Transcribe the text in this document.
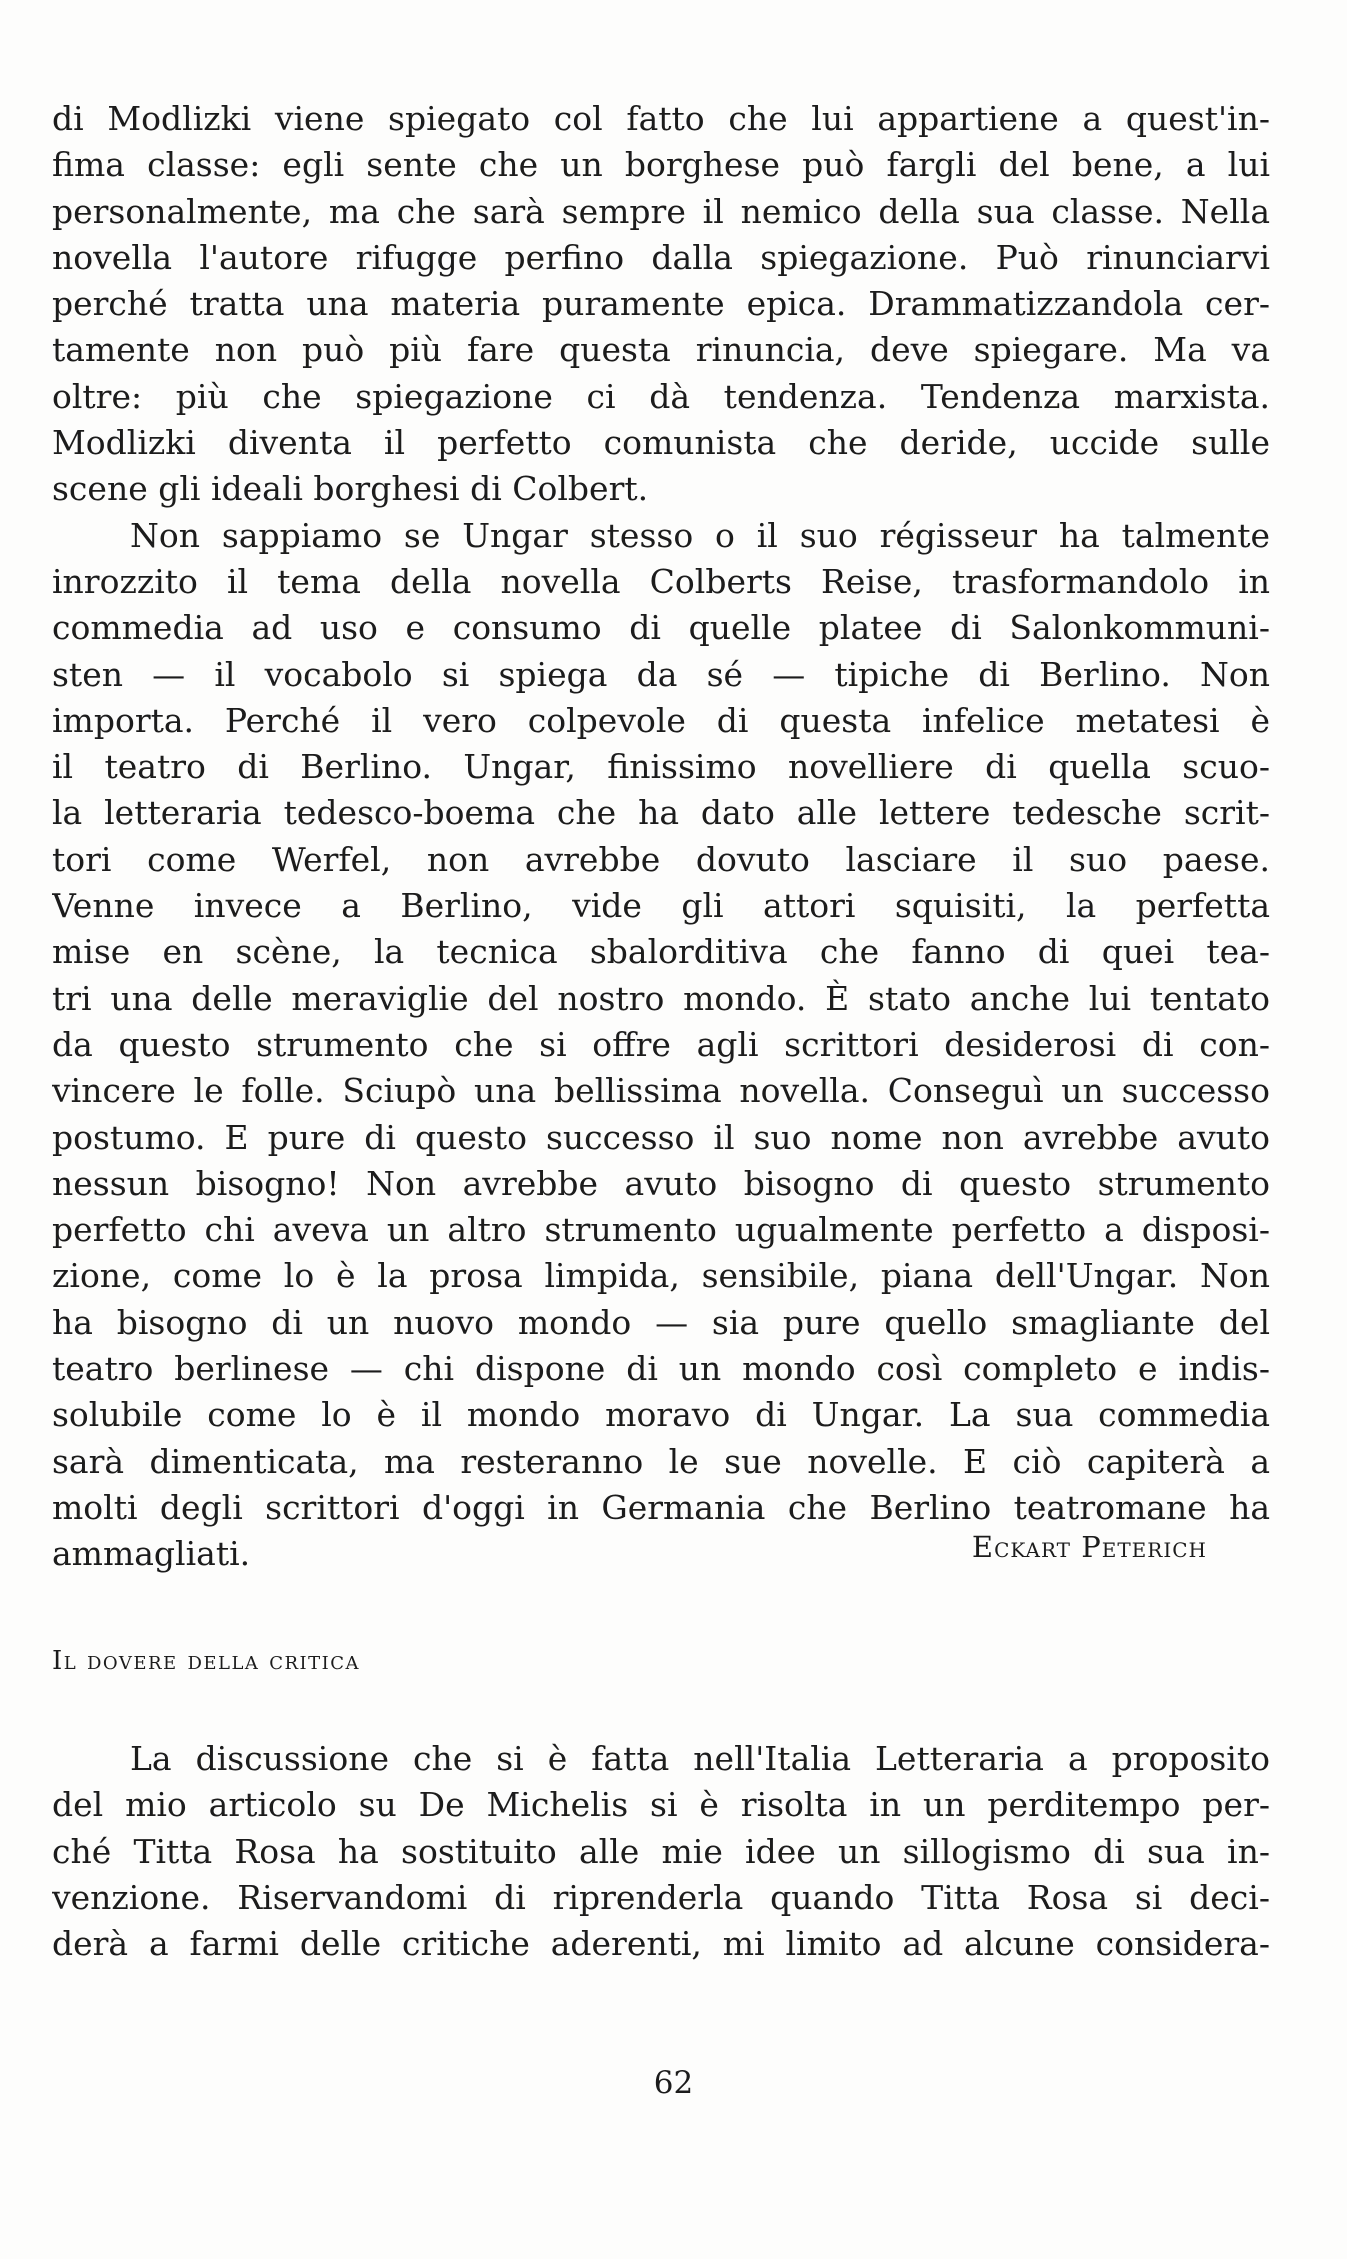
di Modlizki viene spiegato col fatto che lui appartiene a quest'in-
fima classe: egli sente che un borghese può fargli del bene, a lui
personalmente, ma che sarà sempre il nemico della sua classe. Nella
novella l'autore rifugge perfino dalla spiegazione. Può rinunciarvi
perché tratta una materia puramente epica. Drammatizzandola cer-
tamente non può più fare questa rinuncia, deve spiegare. Ma va
oltre: più che spiegazione ci dà tendenza. Tendenza marxista.
Modlizki diventa il perfetto comunista che deride, uccide sulle
scene gli ideali borghesi di Colbert.
Non sappiamo se Ungar stesso o il suo régisseur ha talmente
inrozzito il tema della novella Colberts Reise, trasformandolo in
commedia ad uso e consumo di quelle platee di Salonkommuni-
sten — il vocabolo si spiega da sé — tipiche di Berlino. Non
importa. Perché il vero colpevole di questa infelice metatesi è
il teatro di Berlino. Ungar, finissimo novelliere di quella scuo-
la letteraria tedesco-boema che ha dato alle lettere tedesche scrit-
tori come Werfel, non avrebbe dovuto lasciare il suo paese.
Venne invece a Berlino, vide gli attori squisiti, la perfetta
mise en scène, la tecnica sbalorditiva che fanno di quei tea-
tri una delle meraviglie del nostro mondo. È stato anche lui tentato
da questo strumento che si offre agli scrittori desiderosi di con-
vincere le folle. Sciupò una bellissima novella. Conseguì un successo
postumo. E pure di questo successo il suo nome non avrebbe avuto
nessun bisogno! Non avrebbe avuto bisogno di questo strumento
perfetto chi aveva un altro strumento ugualmente perfetto a disposi-
zione, come lo è la prosa limpida, sensibile, piana dell'Ungar. Non
ha bisogno di un nuovo mondo — sia pure quello smagliante del
teatro berlinese — chi dispone di un mondo così completo e indis-
solubile come lo è il mondo moravo di Ungar. La sua commedia
sarà dimenticata, ma resteranno le sue novelle. E ciò capiterà a
molti degli scrittori d'oggi in Germania che Berlino teatromane ha
ammagliati.	Eckart Peterich
Il dovere della critica
La discussione che si è fatta nell'Italia Letteraria a proposito
del mio articolo su De Michelis si è risolta in un perditempo per-
ché Titta Rosa ha sostituito alle mie idee un sillogismo di sua in-
venzione. Riservandomi di riprenderla quando Titta Rosa si deci-
derà a farmi delle critiche aderenti, mi limito ad alcune considera-
62
